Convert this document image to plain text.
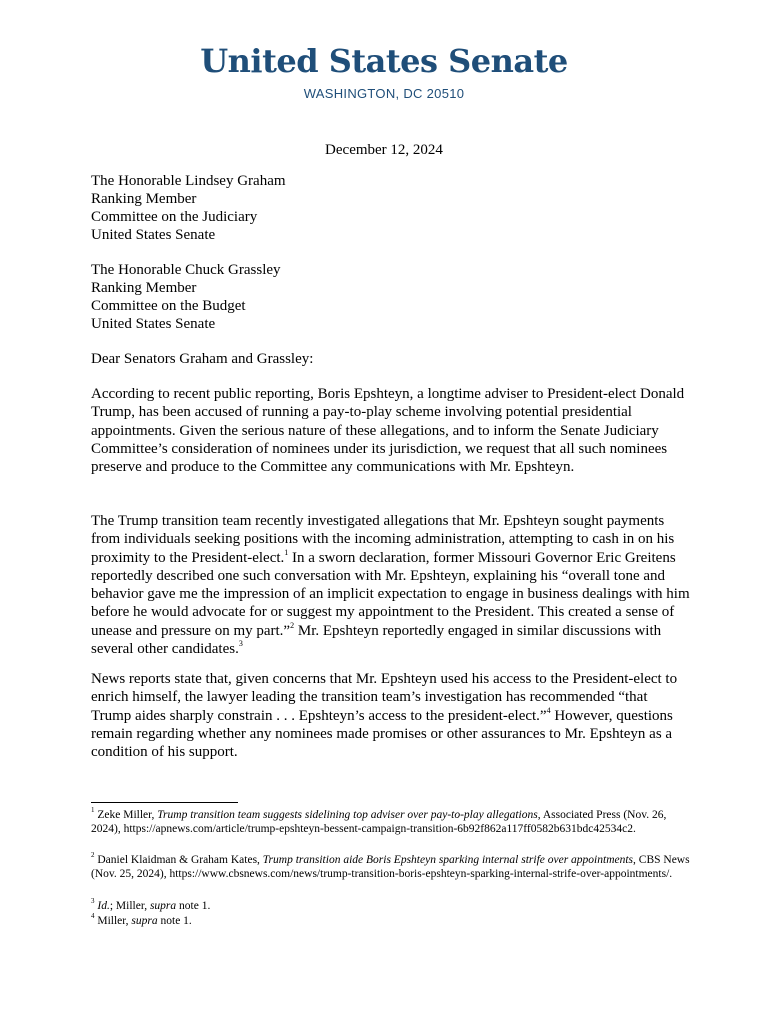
United States Senate
WASHINGTON, DC 20510
December 12, 2024
The Honorable Lindsey Graham
Ranking Member
Committee on the Judiciary
United States Senate
The Honorable Chuck Grassley
Ranking Member
Committee on the Budget
United States Senate
Dear Senators Graham and Grassley:

According to recent public reporting, Boris Epshteyn, a longtime adviser to President-elect Donald Trump, has been accused of running a pay-to-play scheme involving potential presidential appointments. Given the serious nature of these allegations, and to inform the Senate Judiciary Committee’s consideration of nominees under its jurisdiction, we request that all such nominees preserve and produce to the Committee any communications with Mr. Epshteyn.

The Trump transition team recently investigated allegations that Mr. Epshteyn sought payments from individuals seeking positions with the incoming administration, attempting to cash in on his proximity to the President-elect.$^1$ In a sworn declaration, former Missouri Governor Eric Greitens reportedly described one such conversation with Mr. Epshteyn, explaining his “overall tone and behavior gave me the impression of an implicit expectation to engage in business dealings with him before he would advocate for or suggest my appointment to the President. This created a sense of unease and pressure on my part.”$^2$ Mr. Epshteyn reportedly engaged in similar discussions with several other candidates.$^3$

News reports state that, given concerns that Mr. Epshteyn used his access to the President-elect to enrich himself, the lawyer leading the transition team’s investigation has recommended “that Trump aides sharply constrain . . . Epshteyn’s access to the president-elect.”$^4$ However, questions remain regarding whether any nominees made promises or other assurances to Mr. Epshteyn as a condition of his support.

$^1$ Zeke Miller, Trump transition team suggests sidelining top adviser over pay-to-play allegations, Associated Press (Nov. 26, 2024), https://apnews.com/article/trump-epshteyn-bessent-campaign-transition-6b92f862a117ff0582b631bdc42534c2.
$^2$ Daniel Klaidman & Graham Kates, Trump transition aide Boris Epshteyn sparking internal strife over appointments, CBS News (Nov. 25, 2024), https://www.cbsnews.com/news/trump-transition-boris-epshteyn-sparking-internal-strife-over-appointments/.
$^3$ Id.; Miller, supra note 1.
$^4$ Miller, supra note 1.
